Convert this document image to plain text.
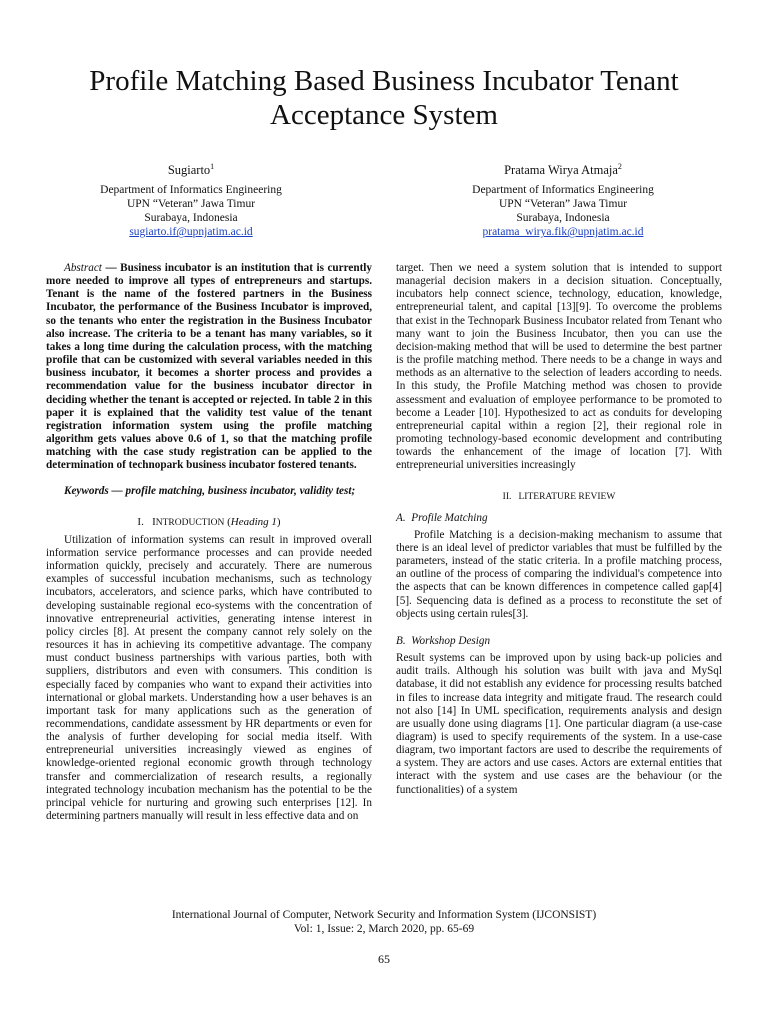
Profile Matching Based Business Incubator Tenant Acceptance System
Sugiarto$^1$
Department of Informatics Engineering
UPN “Veteran” Jawa Timur
Surabaya, Indonesia
sugiarto.if@upnjatim.ac.id
Pratama Wirya Atmaja$^2$
Department of Informatics Engineering
UPN “Veteran” Jawa Timur
Surabaya, Indonesia
pratama_wirya.fik@upnjatim.ac.id

Abstract — Business incubator is an institution that is currently more needed to improve all types of entrepreneurs and startups. Tenant is the name of the fostered partners in the Business Incubator, the performance of the Business Incubator is improved, so the tenants who enter the registration in the Business Incubator also increase. The criteria to be a tenant has many variables, so it takes a long time during the calculation process, with the matching profile that can be customized with several variables needed in this business incubator, it becomes a shorter process and provides a recommendation value for the business incubator director in deciding whether the tenant is accepted or rejected. In table 2 in this paper it is explained that the validity test value of the tenant registration information system using the profile matching algorithm gets values above 0.6 of 1, so that the matching profile matching with the case study registration can be applied to the determination of technopark business incubator fostered tenants.

Keywords — profile matching, business incubator, validity test;

I. INTRODUCTION (Heading 1)

Utilization of information systems can result in improved overall information service performance processes and can provide needed information quickly, precisely and accurately. There are numerous examples of successful incubation mechanisms, such as technology incubators, accelerators, and science parks, which have contributed to developing sustainable regional eco-systems with the concentration of innovative entrepreneurial activities, generating intense interest in policy circles [8]. At present the company cannot rely solely on the resources it has in achieving its competitive advantage. The company must conduct business partnerships with various parties, both with suppliers, distributors and even with consumers. This condition is especially faced by companies who want to expand their activities into international or global markets. Understanding how a user behaves is an important task for many applications such as the generation of recommendations, candidate assessment by HR departments or even for the analysis of further developing for social media itself. With entrepreneurial universities increasingly viewed as engines of knowledge-oriented regional economic growth through technology transfer and commercialization of research results, a regionally integrated technology incubation mechanism has the potential to be the principal vehicle for nurturing and growing such enterprises [12]. In determining partners manually will result in less effective data and on

target. Then we need a system solution that is intended to support managerial decision makers in a decision situation. Conceptually, incubators help connect science, technology, education, knowledge, entrepreneurial talent, and capital [13][9]. To overcome the problems that exist in the Technopark Business Incubator related from Tenant who many want to join the Business Incubator, then you can use the decision-making method that will be used to determine the best partner is the profile matching method. There needs to be a change in ways and methods as an alternative to the selection of leaders according to needs. In this study, the Profile Matching method was chosen to provide assessment and evaluation of employee performance to be promoted to become a Leader [10]. Hypothesized to act as conduits for developing entrepreneurial capital within a region [2], their regional role in promoting technology-based economic development and contributing towards the enhancement of the image of location [7]. With entrepreneurial universities increasingly

II. LITERATURE REVIEW
A. Profile Matching

Profile Matching is a decision-making mechanism to assume that there is an ideal level of predictor variables that must be fulfilled by the parameters, instead of the static criteria. In a profile matching process, an outline of the process of comparing the individual's competence into the aspects that can be known differences in competence called gap[4][5]. Sequencing data is defined as a process to reconstitute the set of objects using certain rules[3].

B. Workshop Design

Result systems can be improved upon by using back-up policies and audit trails. Although his solution was built with java and MySql database, it did not establish any evidence for processing results batched in files to increase data integrity and mitigate fraud. The research could not also [14] In UML specification, requirements analysis and design are usually done using diagrams [1]. One particular diagram (a use-case diagram) is used to specify requirements of the system. In a use-case diagram, two important factors are used to describe the requirements of a system. They are actors and use cases. Actors are external entities that interact with the system and use cases are the behaviour (or the functionalities) of a system

International Journal of Computer, Network Security and Information System (IJCONSIST)
Vol: 1, Issue: 2, March 2020, pp. 65-69
65
